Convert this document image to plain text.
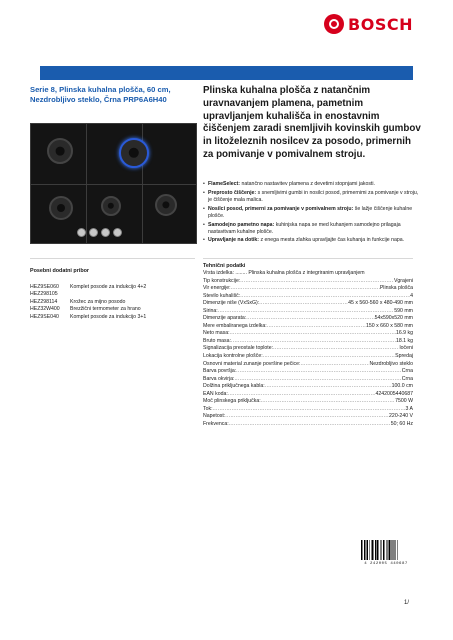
BOSCH
Serie 8, Plinska kuhalna plošča, 60 cm, Nezdrobljivo steklo, Črna PRP6A6H40
Plinska kuhalna plošča z natančnim uravnavanjem plamena, pametnim upravljanjem kuhališča in enostavnim čiščenjem zaradi snemljivih kovinskih gumbov in litoželeznih nosilcev za posodo, primernih za pomivanje v pomivalnem stroju.
• FlameSelect: natančno nastavitev plamena z devetimi stopnjami jakosti.
• Preprosto čiščenje: s snemljivimi gumbi in nosilci posod, primernimi za pomivanje v stroju, je čiščenje mala malica.
• Nosilci posod, primerni za pomivanje v pomivalnem stroju: še lažje čiščenje kuhalne plošče.
• Samodejno pametno napa: kuhinjska napa se med kuhanjem samodejno prilagaja nastavitvam kuhalne plošče.
• Upravljanje na dotik: z enega mesta zlahka upravljajte čas kuhanja in funkcije napa.
Posebni dodatni pribor
HEZ9SE060	Komplet posode za indukcijo 4+2
HEZ298105
HEZ298114	Krožec za mijno posodo
HEZ32W400	Brezžični termometer za hrano
HEZ9SE040	Komplet posode za indukcijo 3+1
Tehnični podatki
Vrsta izdelka: ........ Plinska kuhalna plošča z integriranim upravljanjem
Tip konstrukcije: .....	Vgrajeni
Vir energije: .....	Plinska plošča
Število kuhališč: .....	4
Dimenzije niše (VxŠxG): .....	45 x 560-560 x 480-490 mm
Širina: .....	590 mm
Dimenzije aparata: .....	54x590x520 mm
Mere embaliranega izdelka: .....	150 x 660 x 580 mm
Neto masa: .....	16.9 kg
Bruto masa: .....	18.1 kg
Signalizacija preostale toplote: .....	ločeni
Lokacija kontrolne plošče: .....	Spredaj
Osnovni material zunanje površine pečice: .....	Nezdrobljivo steklo
Barva površja: .....	Črna
Barva okvirja: .....	Črna
Dolžina priključnega kabla: .....	100.0 cm
EAN koda: .....	4242005440687
Moč plinskega priključka: .....	7500 W
Tok: .....	3 A
Napetost: .....	220-240 V
Frekvenca: .....	50; 60 Hz
4 242005 440687
1/
